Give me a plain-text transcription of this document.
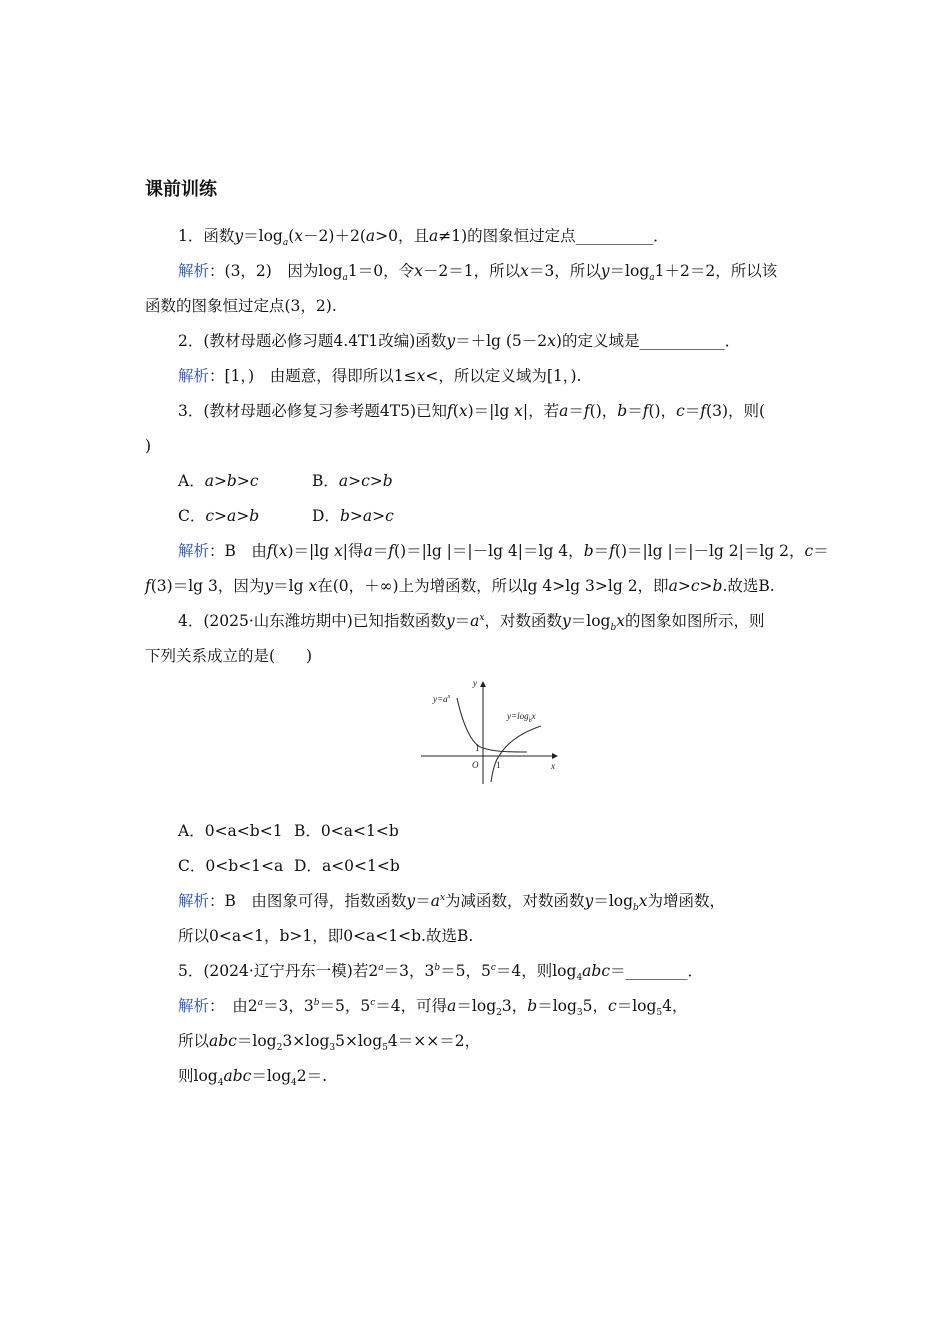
课前训练
1．函数$y=\log_a(x-2)+2(a>0$，且a≠1)的图象恒过定点__________．
解析：(3，2)　因为$\log_a1=0$，令x－2＝1，所以x＝3，所以$y=\log_a1+2=2$，所以该
函数的图象恒过定点(3，2).
2．(教材母题必修习题4.4T1改编)函数y＝＋lg (5－2x)的定义域是___________．
解析：[1，)　由题意，得即所以1≤x<，所以定义域为[1，).
3．(教材母题必修复习参考题4T5)已知f(x)＝|lg x|，若a＝f()，b＝f()，c＝f(3)，则(
)
A．a>b>c	B．a>c>b
C．c>a>b	D．b>a>c
解析：B　由f(x)＝|lg x|得a＝f()＝|lg |＝|－lg 4|＝lg 4，b＝f()＝|lg |＝|－lg 2|＝lg 2，c＝
f(3)＝lg 3，因为y＝lg x在(0，＋∞)上为增函数，所以lg 4>lg 3>lg 2，即a>c>b.故选B.
4．(2025·山东潍坊期中)已知指数函数$y=a^x$，对数函数$y=\log_bx$的图象如图所示，则
下列关系成立的是(　　)
$y=a^x$
$y=\log_bx$
x
y
O 1
1
A．0<a<b<1 B．0<a<1<b
C．0<b<1<a D．a<0<1<b
解析：B　由图象可得，指数函数$y=a^x$为减函数，对数函数$y=\log_bx$为增函数，
所以0<a<1，b>1，即0<a<1<b.故选B.
5．(2024·辽宁丹东一模)若$2^a=3$，$3^b=5$，$5^c=4$，则$\log_4abc=\_\_\_\_\_\_\_\_$．
解析：　由$2^a=3$，$3^b=5$，$5^c=4$，可得$a=\log_23$，$b=\log_35$，$c=\log_54$，
所以$abc=\log_23\times\log_35\times\log_54=\times\times=2$，
则$\log_4abc=\log_42=$.
